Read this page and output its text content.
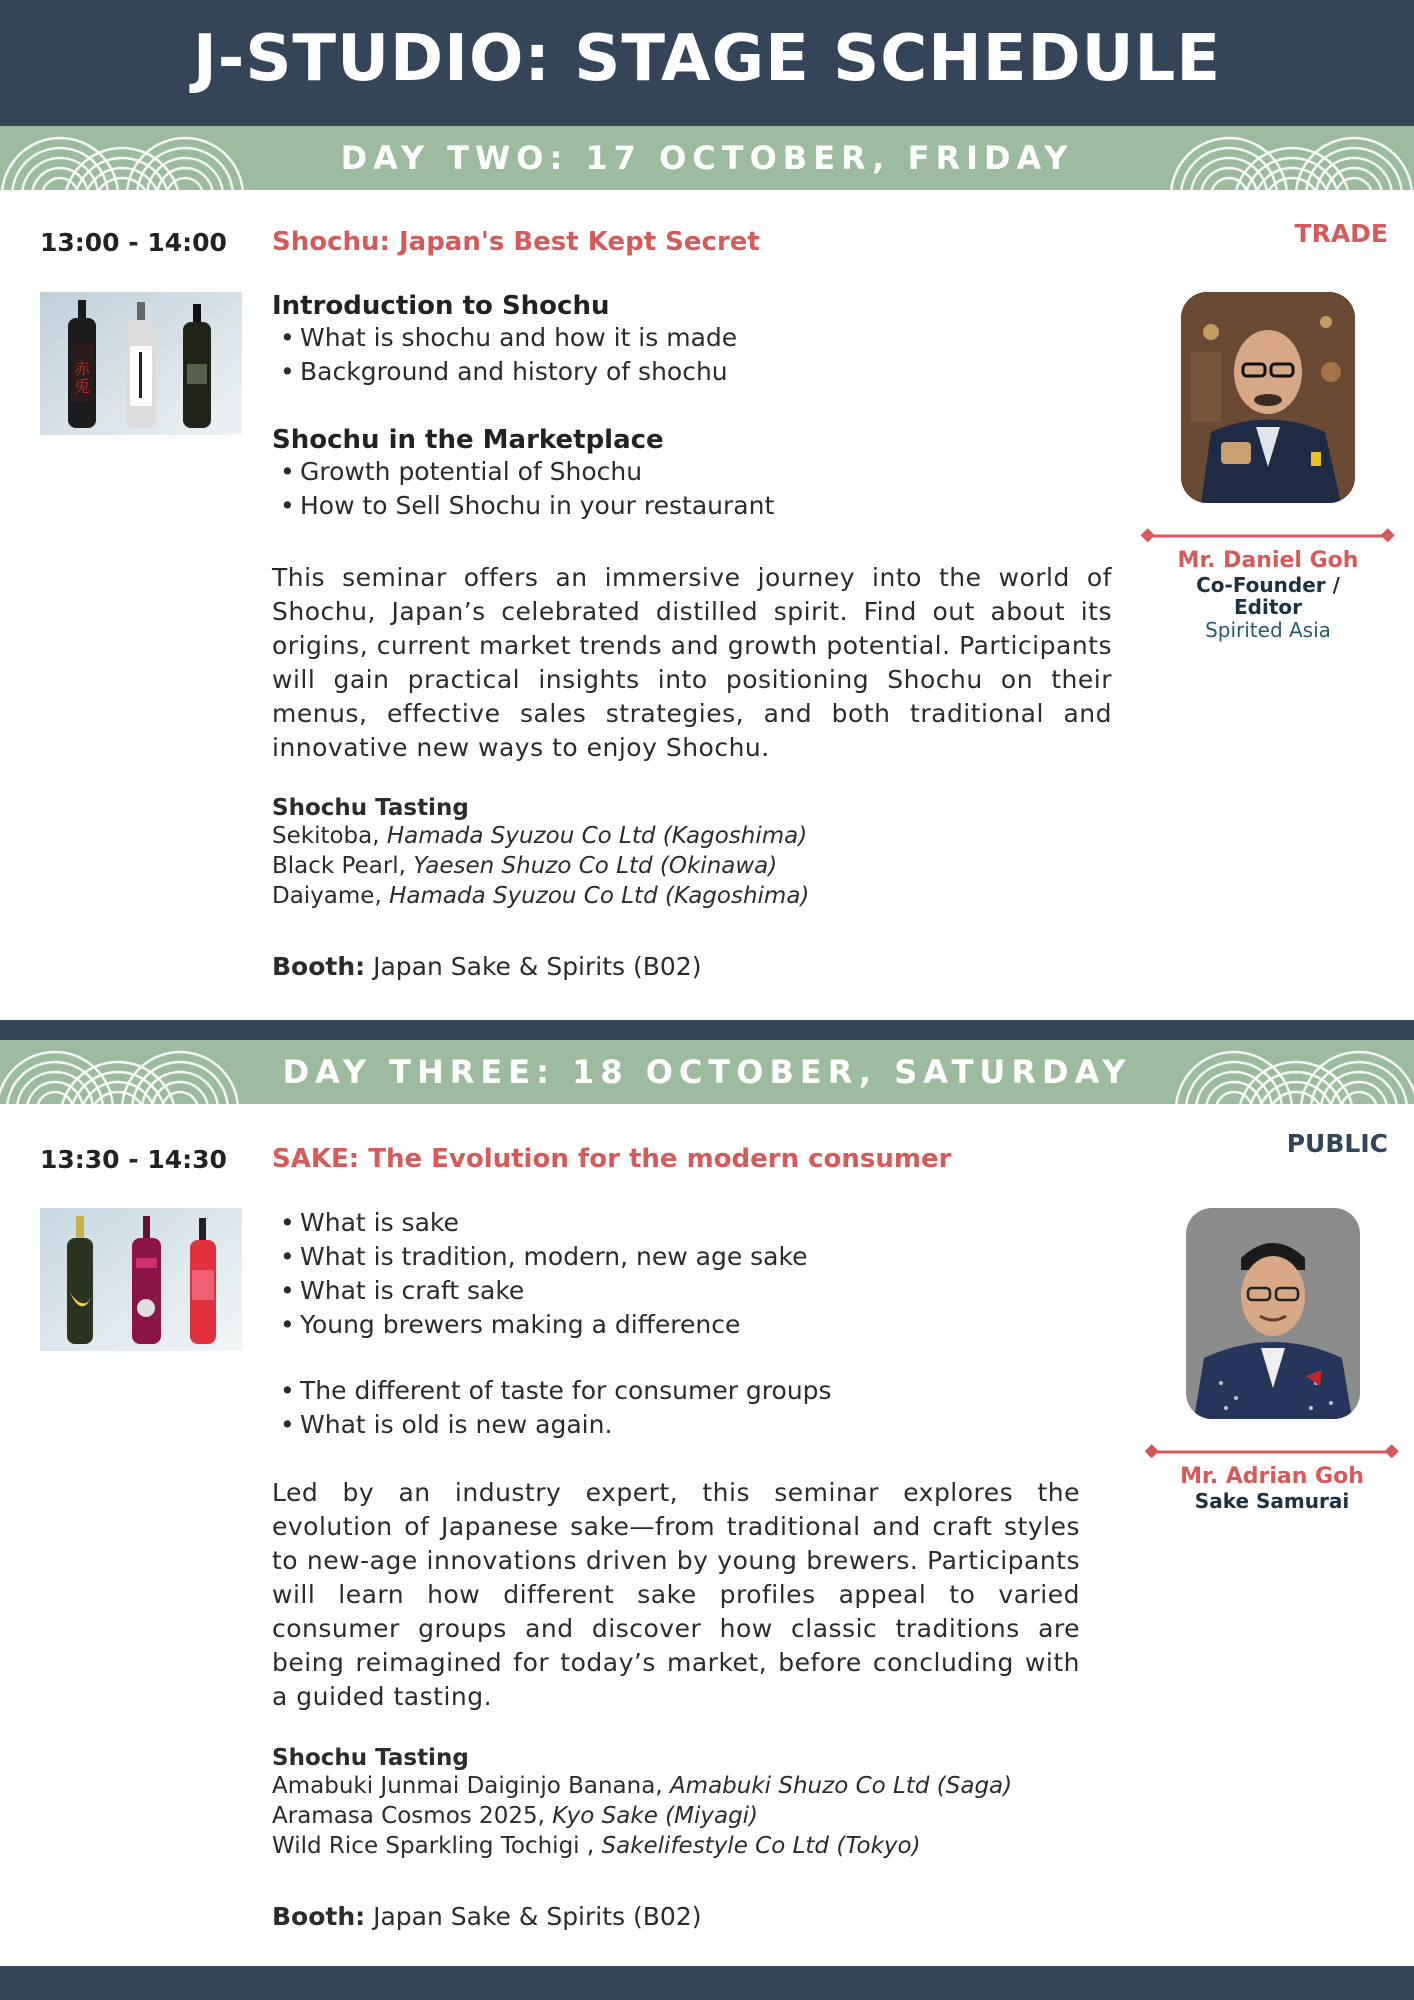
J-STUDIO: STAGE SCHEDULE
DAY TWO: 17 OCTOBER, FRIDAY
13:00 - 14:00 Shochu: Japan's Best Kept Secret	TRADE
赤
兎
Introduction to Shochu
• What is shochu and how it is made
• Background and history of shochu
Shochu in the Marketplace
• Growth potential of Shochu
• How to Sell Shochu in your restaurant
This seminar offers an immersive journey into the world of Shochu, Japan’s celebrated distilled spirit. Find out about its origins, current market trends and growth potential. Participants will gain practical insights into positioning Shochu on their menus, effective sales strategies, and both traditional and innovative new ways to enjoy Shochu.
Shochu Tasting
Sekitoba, Hamada Syuzou Co Ltd (Kagoshima)
Black Pearl, Yaesen Shuzo Co Ltd (Okinawa)
Daiyame, Hamada Syuzou Co Ltd (Kagoshima)
Booth: Japan Sake & Spirits (B02)
Mr. Daniel Goh
Co-Founder /
Editor
Spirited Asia
DAY THREE: 18 OCTOBER, SATURDAY
13:30 - 14:30 SAKE: The Evolution for the modern consumer
PUBLIC
• What is sake
• What is tradition, modern, new age sake
• What is craft sake
• Young brewers making a difference
• The different of taste for consumer groups
• What is old is new again.
Led by an industry expert, this seminar explores the evolution of Japanese sake—from traditional and craft styles to new-age innovations driven by young brewers. Participants will learn how different sake profiles appeal to varied consumer groups and discover how classic traditions are being reimagined for today’s market, before concluding with a guided tasting.
Shochu Tasting
Amabuki Junmai Daiginjo Banana, Amabuki Shuzo Co Ltd (Saga)
Aramasa Cosmos 2025, Kyo Sake (Miyagi)
Wild Rice Sparkling Tochigi , Sakelifestyle Co Ltd (Tokyo)
Booth: Japan Sake & Spirits (B02)
Mr. Adrian Goh
Sake Samurai
